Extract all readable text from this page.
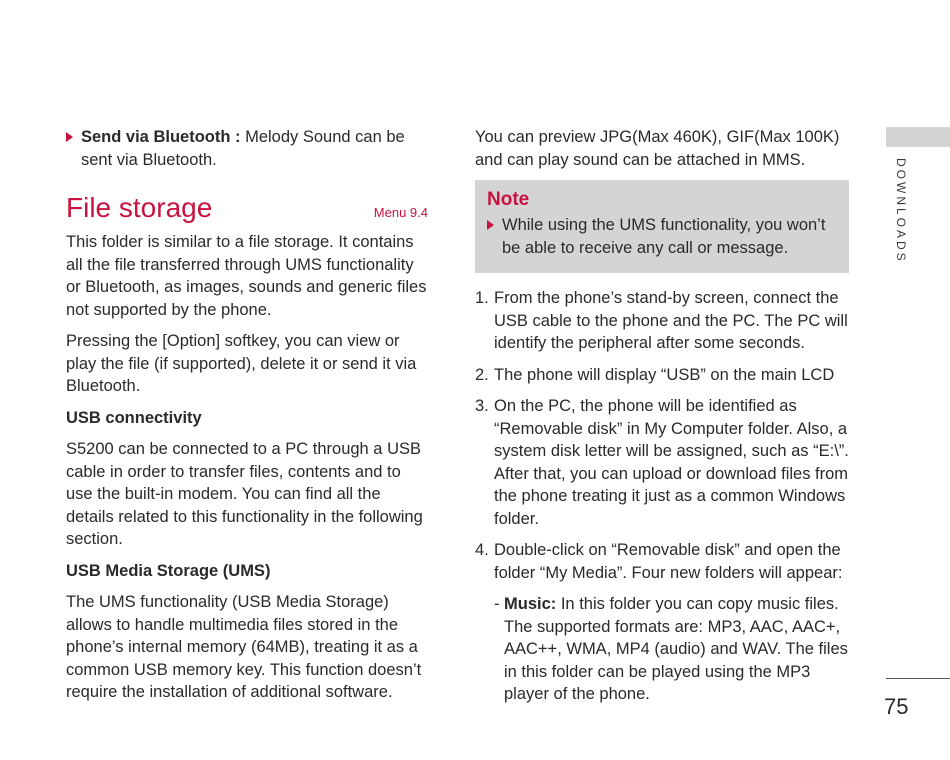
Send via Bluetooth : Melody Sound can be sent via Bluetooth.
File storage	Menu 9.4

This folder is similar to a file storage. It contains all the file transferred through UMS functionality or Bluetooth, as images, sounds and generic files not supported by the phone.

Pressing the [Option] softkey, you can view or play the file (if supported), delete it or send it via Bluetooth.

USB connectivity

S5200 can be connected to a PC through a USB cable in order to transfer files, contents and to use the built-in modem. You can find all the details related to this functionality in the following section.

USB Media Storage (UMS)

The UMS functionality (USB Media Storage) allows to handle multimedia files stored in the phone’s internal memory (64MB), treating it as a common USB memory key. This function doesn’t require the installation of additional software.

You can preview JPG(Max 460K), GIF(Max 100K) and can play sound can be attached in MMS.

Note
While using the UMS functionality, you won’t be able to receive any call or message.
1. From the phone’s stand-by screen, connect the USB cable to the phone and the PC. The PC will identify the peripheral after some seconds.
2. The phone will display “USB” on the main LCD
3. On the PC, the phone will be identified as “Removable disk” in My Computer folder. Also, a system disk letter will be assigned, such as “E:\”. After that, you can upload or download files from the phone treating it just as a common Windows folder.
4. Double-click on “Removable disk” and open the folder “My Media”. Four new folders will appear:
- Music: In this folder you can copy music files. The supported formats are: MP3, AAC, AAC+, AAC++, WMA, MP4 (audio) and WAV. The files in this folder can be played using the MP3 player of the phone.
DOWNLOADS
75
